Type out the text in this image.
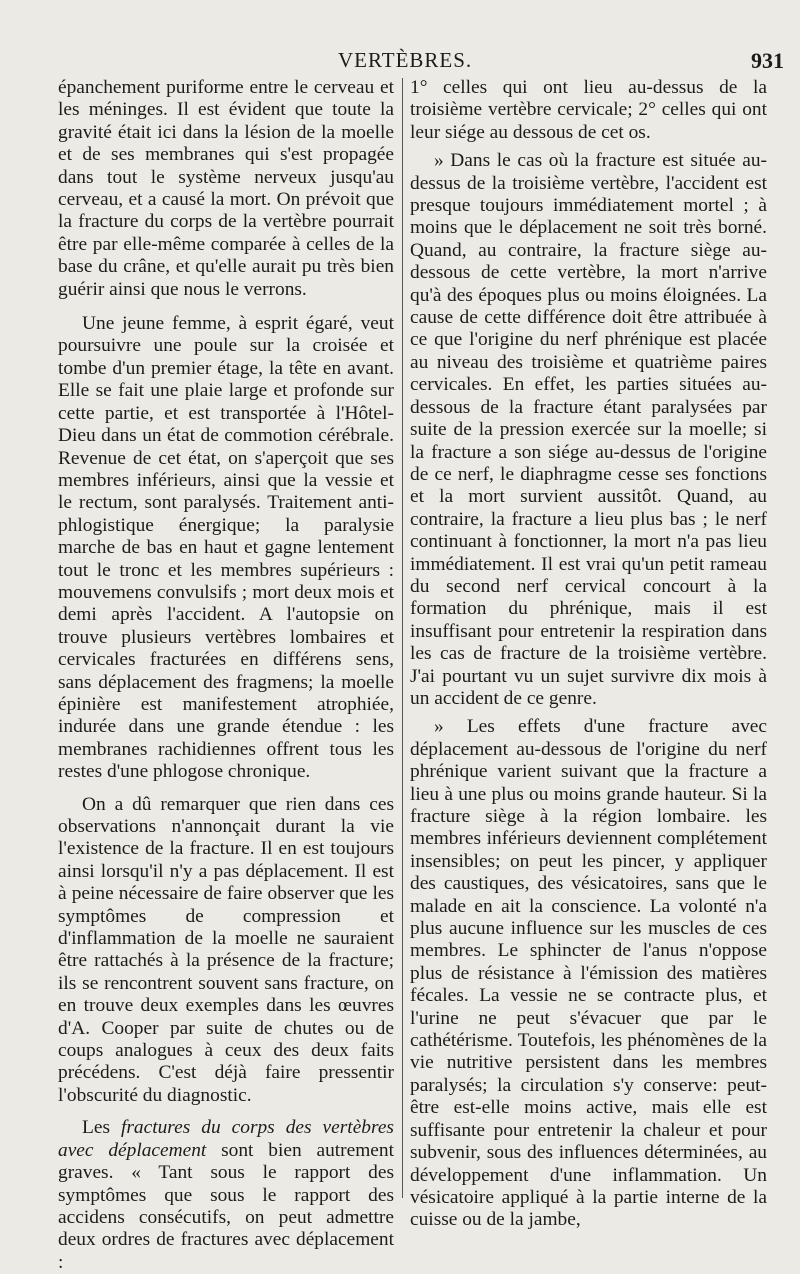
VERTÈBRES.	931

épanchement puriforme entre le cerveau et les méninges. Il est évident que toute la gravité était ici dans la lésion de la moelle et de ses membranes qui s'est propagée dans tout le système nerveux jusqu'au cerveau, et a causé la mort. On prévoit que la fracture du corps de la vertèbre pourrait être par elle-même comparée à celles de la base du crâne, et qu'elle aurait pu très bien guérir ainsi que nous le verrons.

Une jeune femme, à esprit égaré, veut poursuivre une poule sur la croisée et tombe d'un premier étage, la tête en avant. Elle se fait une plaie large et profonde sur cette partie, et est transportée à l'Hôtel-Dieu dans un état de commotion cérébrale. Revenue de cet état, on s'aperçoit que ses membres inférieurs, ainsi que la vessie et le rectum, sont paralysés. Traitement anti-phlogistique énergique; la paralysie marche de bas en haut et gagne lentement tout le tronc et les membres supérieurs : mouvemens convulsifs ; mort deux mois et demi après l'accident. A l'autopsie on trouve plusieurs vertèbres lombaires et cervicales fracturées en différens sens, sans déplacement des fragmens; la moelle épinière est manifestement atrophiée, indurée dans une grande étendue : les membranes rachidiennes offrent tous les restes d'une phlogose chronique.

On a dû remarquer que rien dans ces observations n'annonçait durant la vie l'existence de la fracture. Il en est toujours ainsi lorsqu'il n'y a pas déplacement. Il est à peine nécessaire de faire observer que les symptômes de compression et d'inflammation de la moelle ne sauraient être rattachés à la présence de la fracture; ils se rencontrent souvent sans fracture, on en trouve deux exemples dans les œuvres d'A. Cooper par suite de chutes ou de coups analogues à ceux des deux faits précédens. C'est déjà faire pressentir l'obscurité du diagnostic.

Les fractures du corps des vertèbres avec déplacement sont bien autrement graves. « Tant sous le rapport des symptômes que sous le rapport des accidens consécutifs, on peut admettre deux ordres de fractures avec déplacement :

1° celles qui ont lieu au-dessus de la troisième vertèbre cervicale; 2° celles qui ont leur siége au dessous de cet os.

» Dans le cas où la fracture est située au-dessus de la troisième vertèbre, l'accident est presque toujours immédiatement mortel ; à moins que le déplacement ne soit très borné. Quand, au contraire, la fracture siège au-dessous de cette vertèbre, la mort n'arrive qu'à des époques plus ou moins éloignées. La cause de cette différence doit être attribuée à ce que l'origine du nerf phrénique est placée au niveau des troisième et quatrième paires cervicales. En effet, les parties situées au-dessous de la fracture étant paralysées par suite de la pression exercée sur la moelle; si la fracture a son siége au-dessus de l'origine de ce nerf, le diaphragme cesse ses fonctions et la mort survient aussitôt. Quand, au contraire, la fracture a lieu plus bas ; le nerf continuant à fonctionner, la mort n'a pas lieu immédiatement. Il est vrai qu'un petit rameau du second nerf cervical concourt à la formation du phrénique, mais il est insuffisant pour entretenir la respiration dans les cas de fracture de la troisième vertèbre. J'ai pourtant vu un sujet survivre dix mois à un accident de ce genre.

» Les effets d'une fracture avec déplacement au-dessous de l'origine du nerf phrénique varient suivant que la fracture a lieu à une plus ou moins grande hauteur. Si la fracture siège à la région lombaire. les membres inférieurs deviennent complétement insensibles; on peut les pincer, y appliquer des caustiques, des vésicatoires, sans que le malade en ait la conscience. La volonté n'a plus aucune influence sur les muscles de ces membres. Le sphincter de l'anus n'oppose plus de résistance à l'émission des matières fécales. La vessie ne se contracte plus, et l'urine ne peut s'évacuer que par le cathétérisme. Toutefois, les phénomènes de la vie nutritive persistent dans les membres paralysés; la circulation s'y conserve: peut-être est-elle moins active, mais elle est suffisante pour entretenir la chaleur et pour subvenir, sous des influences déterminées, au développement d'une inflammation. Un vésicatoire appliqué à la partie interne de la cuisse ou de la jambe,
